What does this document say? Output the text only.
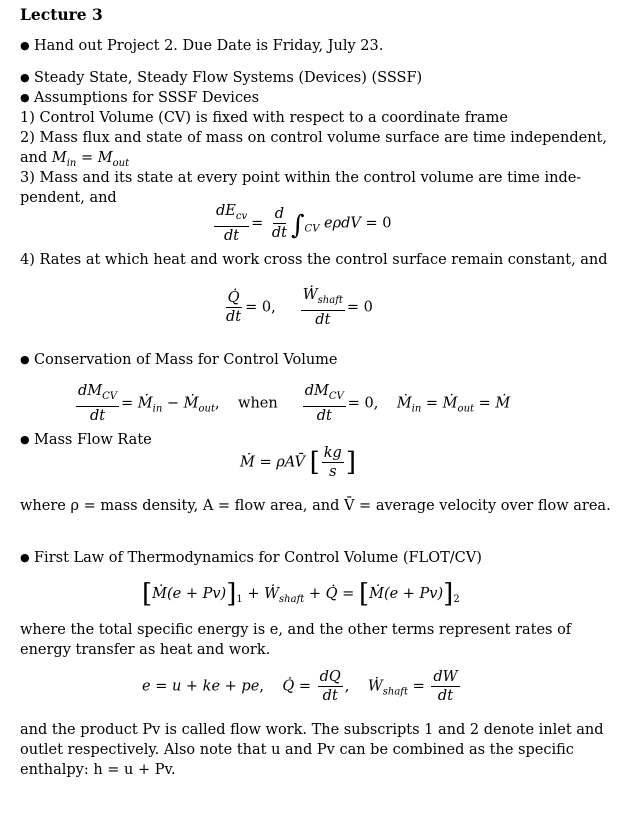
Lecture 3
● Hand out Project 2. Due Date is Friday, July 23.
● Steady State, Steady Flow Systems (Devices) (SSSF)
● Assumptions for SSSF Devices
1) Control Volume (CV) is fixed with respect to a coordinate frame
2) Mass flux and state of mass on control volume surface are time independent,
and $M_{in} = M_{out}$
3) Mass and its state at every point within the control volume are time inde-
pendent, and
$\frac{dE_{cv}}{dt} = \frac{d}{dt} \int_{CV}$ eρdV = 0
4) Rates at which heat and work cross the control surface remain constant, and
$\frac{Q̇}{dt} = 0$, $\frac{Ẇ_{shaft}}{dt} = 0$
● Conservation of Mass for Control Volume
$\frac{dM_{CV}}{dt}$ = Ṁ$_{in}$ − Ṁ$_{out}$,    when $\frac{dM_{CV}}{dt} = 0$,    Ṁ$_{in}$ = Ṁ$_{out}$ = Ṁ
● Mass Flow Rate
Ṁ = ρAV̄ [ $\frac{kg}{s}$ ]
where ρ = mass density, A = flow area, and V̄ = average velocity over flow area.
● First Law of Thermodynamics for Control Volume (FLOT/CV)
[Ṁ(e + $Pv)]_1$ + Ẇ$_{shaft}$ + Q̇ = [Ṁ(e + $Pv)]_2$
where the total specific energy is e, and the other terms represent rates of energy transfer as heat and work.
e = u + ke + pe,    Q̇ = $\frac{dQ}{dt}$ ,    Ẇ$_{shaft}$ = $\frac{dW}{dt}$
and the product Pv is called flow work. The subscripts 1 and 2 denote inlet and outlet respectively. Also note that u and Pv can be combined as the specific enthalpy: h = u + Pv.
